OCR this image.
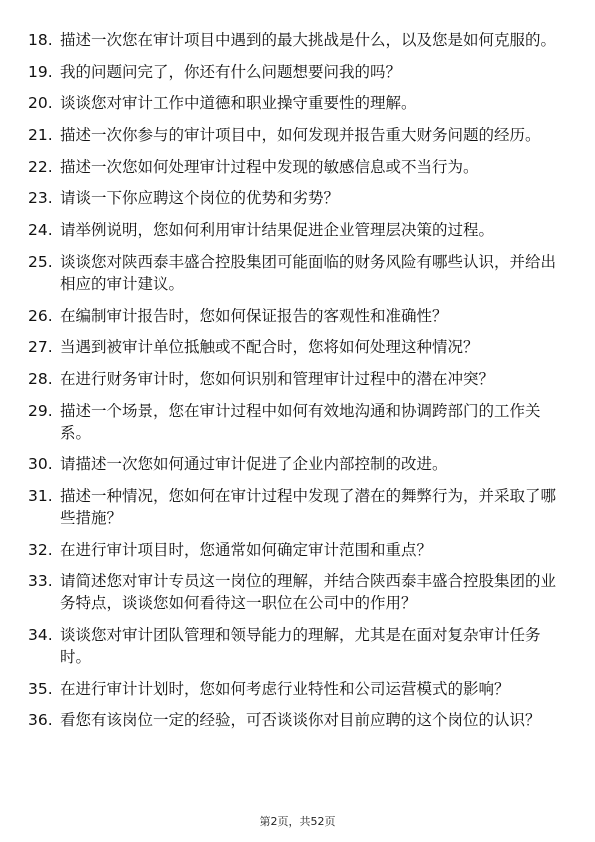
18. 描述一次您在审计项目中遇到的最大挑战是什么，以及您是如何克服的。
19. 我的问题问完了，你还有什么问题想要问我的吗？
20. 谈谈您对审计工作中道德和职业操守重要性的理解。
21. 描述一次你参与的审计项目中，如何发现并报告重大财务问题的经历。
22. 描述一次您如何处理审计过程中发现的敏感信息或不当行为。
23. 请谈一下你应聘这个岗位的优势和劣势？
24. 请举例说明，您如何利用审计结果促进企业管理层决策的过程。
25. 谈谈您对陕西泰丰盛合控股集团可能面临的财务风险有哪些认识，并给出相应的审计建议。
26. 在编制审计报告时，您如何保证报告的客观性和准确性？
27. 当遇到被审计单位抵触或不配合时，您将如何处理这种情况？
28. 在进行财务审计时，您如何识别和管理审计过程中的潜在冲突？
29. 描述一个场景，您在审计过程中如何有效地沟通和协调跨部门的工作关系。
30. 请描述一次您如何通过审计促进了企业内部控制的改进。
31. 描述一种情况，您如何在审计过程中发现了潜在的舞弊行为，并采取了哪些措施？
32. 在进行审计项目时，您通常如何确定审计范围和重点？
33. 请简述您对审计专员这一岗位的理解，并结合陕西泰丰盛合控股集团的业务特点，谈谈您如何看待这一职位在公司中的作用？
34. 谈谈您对审计团队管理和领导能力的理解，尤其是在面对复杂审计任务时。
35. 在进行审计计划时，您如何考虑行业特性和公司运营模式的影响？
36. 看您有该岗位一定的经验，可否谈谈你对目前应聘的这个岗位的认识？
第2页，共52页
